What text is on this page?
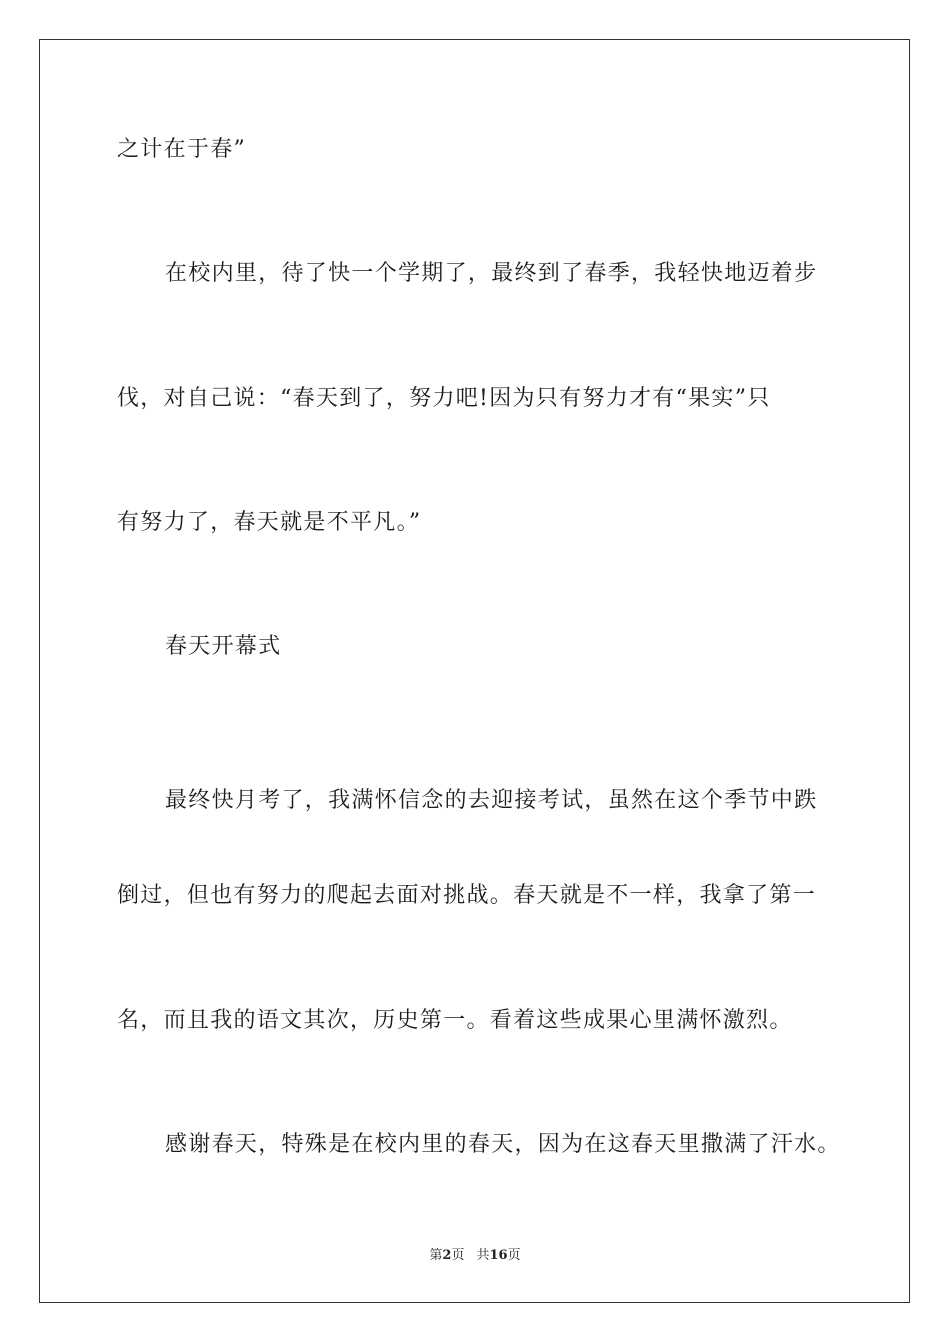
之计在于春”
在校内里，待了快一个学期了，最终到了春季，我轻快地迈着步
伐，对自己说：“春天到了，努力吧!因为只有努力才有“果实”只
有努力了，春天就是不平凡。”
春天开幕式
最终快月考了，我满怀信念的去迎接考试，虽然在这个季节中跌
倒过，但也有努力的爬起去面对挑战。春天就是不一样，我拿了第一
名，而且我的语文其次，历史第一。看着这些成果心里满怀激烈。
感谢春天，特殊是在校内里的春天，因为在这春天里撒满了汗水。
第2页 共16页
